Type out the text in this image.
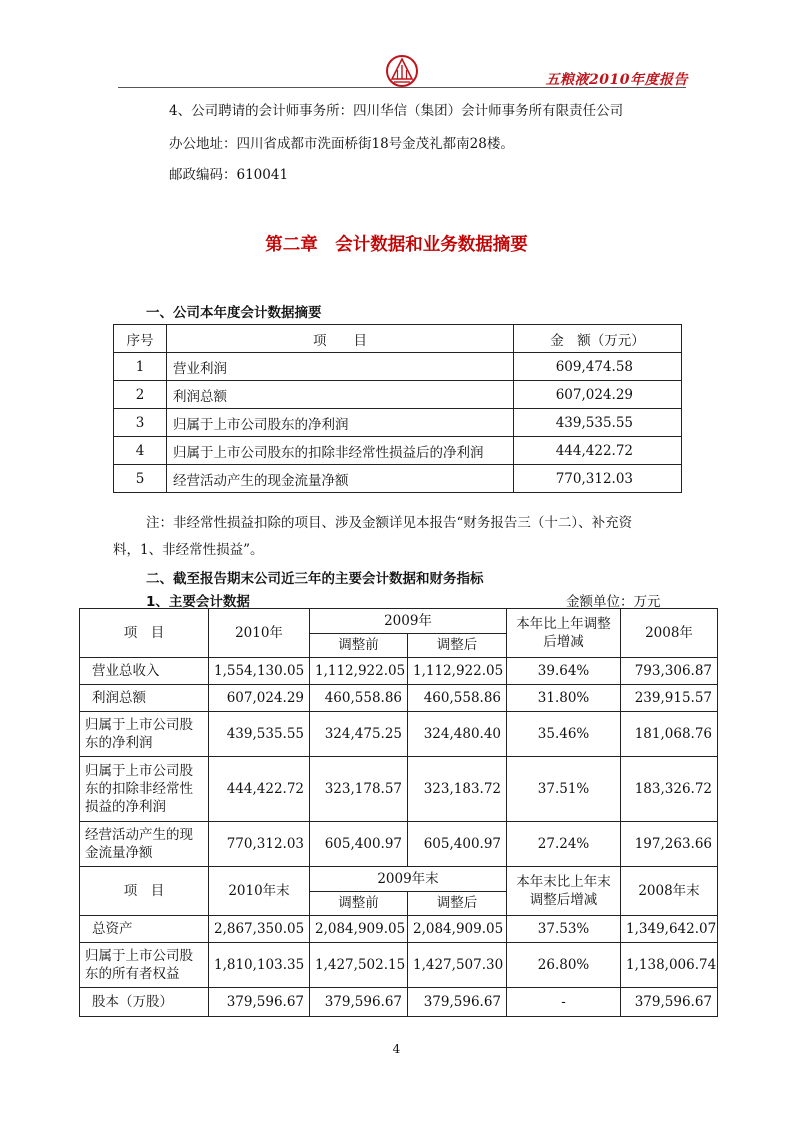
五粮液2010年度报告
4、公司聘请的会计师事务所：四川华信（集团）会计师事务所有限责任公司
办公地址：四川省成都市洗面桥街18号金茂礼都南28楼。
邮政编码：610041
第二章　会计数据和业务数据摘要
一、公司本年度会计数据摘要
序号	项　　目	金　额（万元）
1	营业利润	609,474.58
2	利润总额	607,024.29
3	归属于上市公司股东的净利润	439,535.55
4	归属于上市公司股东的扣除非经常性损益后的净利润	444,422.72
5	经营活动产生的现金流量净额	770,312.03
注：非经常性损益扣除的项目、涉及金额详见本报告“财务报告三（十二）、补充资
料，1、非经常性损益”。
二、截至报告期末公司近三年的主要会计数据和财务指标
1、主要会计数据	金额单位：万元
项　目	2010年	2009年		本年比上年调整后增减	2008年
		调整前	调整后		
营业总收入	1,554,130.05	1,112,922.05	1,112,922.05	39.64%	793,306.87
利润总额	607,024.29	460,558.86	460,558.86	31.80%	239,915.57
归属于上市公司股东的净利润	439,535.55	324,475.25	324,480.40	35.46%	181,068.76
归属于上市公司股东的扣除非经常性损益的净利润	444,422.72	323,178.57	323,183.72	37.51%	183,326.72
经营活动产生的现金流量净额	770,312.03	605,400.97	605,400.97	27.24%	197,263.66
项　目	2010年末	2009年末		本年末比上年末调整后增减	2008年末
		调整前	调整后		
总资产	2,867,350.05	2,084,909.05	2,084,909.05	37.53%	1,349,642.07
归属于上市公司股东的所有者权益	1,810,103.35	1,427,502.15	1,427,507.30	26.80%	1,138,006.74
股本（万股）	379,596.67	379,596.67	379,596.67	-	379,596.67
4
